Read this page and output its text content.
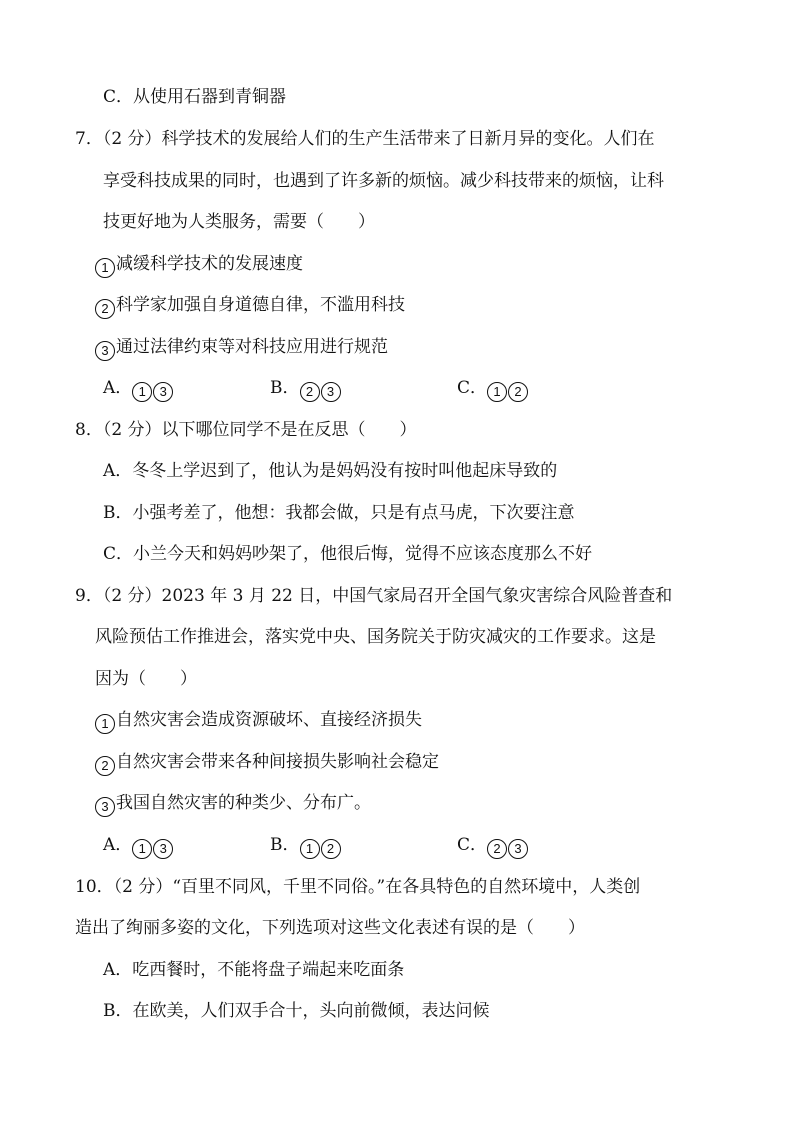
C．从使用石器到青铜器
7．（2 分）科学技术的发展给人们的生产生活带来了日新月异的变化。人们在
享受科技成果的同时，也遇到了许多新的烦恼。减少科技带来的烦恼，让科
技更好地为人类服务，需要（　　）
1 减缓科学技术的发展速度
2 科学家加强自身道德自律，不滥用科技
3 通过法律约束等对科技应用进行规范
A． 1 3	B． 2 3	C． 1 2
8．（2 分）以下哪位同学不是在反思（　　）
A．冬冬上学迟到了，他认为是妈妈没有按时叫他起床导致的
B．小强考差了，他想：我都会做，只是有点马虎，下次要注意
C．小兰今天和妈妈吵架了，他很后悔，觉得不应该态度那么不好
9．（2 分）2023 年 3 月 22 日，中国气家局召开全国气象灾害综合风险普查和
风险预估工作推进会，落实党中央、国务院关于防灾减灾的工作要求。这是
因为（　　）
1 自然灾害会造成资源破坏、直接经济损失
2 自然灾害会带来各种间接损失影响社会稳定
3 我国自然灾害的种类少、分布广。
A． 1 3	B． 1 2	C． 2 3
10．（2 分）“百里不同风，千里不同俗。”在各具特色的自然环境中，人类创
造出了绚丽多姿的文化，下列选项对这些文化表述有误的是（　　）
A．吃西餐时，不能将盘子端起来吃面条
B．在欧美，人们双手合十，头向前微倾，表达问候
